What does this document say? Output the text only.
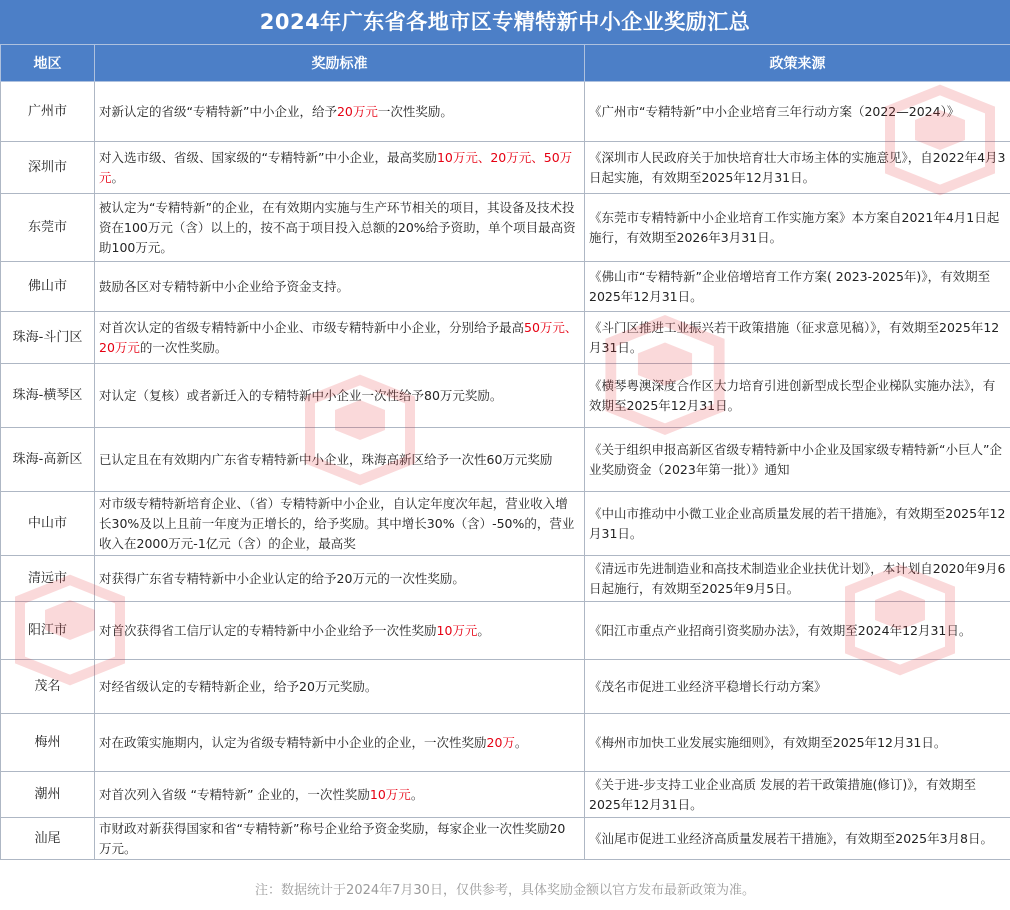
2024年广东省各地市区专精特新中小企业奖励汇总
地区	奖励标准	政策来源
广州市	对新认定的省级“专精特新”中小企业，给予20万元一次性奖励。	《广州市“专精特新”中小企业培育三年行动方案（2022—2024）》
深圳市	对入选市级、省级、国家级的“专精特新”中小企业，最高奖励10万元、20万元、50万元。	《深圳市人民政府关于加快培育壮大市场主体的实施意见》，自2022年4月3日起实施，有效期至2025年12月31日。
东莞市	被认定为“专精特新”的企业，在有效期内实施与生产环节相关的项目，其设备及技术投资在100万元（含）以上的，按不高于项目投入总额的20%给予资助，单个项目最高资助100万元。	《东莞市专精特新中小企业培育工作实施方案》本方案自2021年4月1日起施行，有效期至2026年3月31日。
佛山市	鼓励各区对专精特新中小企业给予资金支持。	《佛山市“专精特新”企业倍增培育工作方案( 2023-2025年)》，有效期至2025年12月31日。
珠海-斗门区	对首次认定的省级专精特新中小企业、市级专精特新中小企业，分别给予最高50万元、20万元的一次性奖励。	《斗门区推进工业振兴若干政策措施（征求意见稿）》，有效期至2025年12月31日。
珠海-横琴区	对认定（复核）或者新迁入的专精特新中小企业一次性给予80万元奖励。	《横琴粤澳深度合作区大力培育引进创新型成长型企业梯队实施办法》，有效期至2025年12月31日。
珠海-高新区	已认定且在有效期内广东省专精特新中小企业，珠海高新区给予一次性60万元奖励	《关于组织申报高新区省级专精特新中小企业及国家级专精特新“小巨人”企业奖励资金（2023年第一批）》通知
中山市	对市级专精特新培育企业、（省）专精特新中小企业，自认定年度次年起，营业收入增长30%及以上且前一年度为正增长的，给予奖励。其中增长30%（含）-50%的，营业收入在2000万元-1亿元（含）的企业，最高奖	《中山市推动中小微工业企业高质量发展的若干措施》，有效期至2025年12月31日。
清远市	对获得广东省专精特新中小企业认定的给予20万元的一次性奖励。	《清远市先进制造业和高技术制造业企业扶优计划》，本计划自2020年9月6日起施行，有效期至2025年9月5日。
阳江市	对首次获得省工信厅认定的专精特新中小企业给予一次性奖励10万元。	《阳江市重点产业招商引资奖励办法》，有效期至2024年12月31日。
茂名	对经省级认定的专精特新企业，给予20万元奖励。	《茂名市促进工业经济平稳增长行动方案》
梅州	对在政策实施期内，认定为省级专精特新中小企业的企业，一次性奖励20万。	《梅州市加快工业发展实施细则》，有效期至2025年12月31日。
潮州	对首次列入省级 “专精特新” 企业的，一次性奖励10万元。	《关于进-步支持工业企业高质 发展的若干政策措施(修订)》，有效期至2025年12月31日。
汕尾	市财政对新获得国家和省“专精特新”称号企业给予资金奖励，每家企业一次性奖励20 万元。	《汕尾市促进工业经济高质量发展若干措施》，有效期至2025年3月8日。
注：数据统计于2024年7月30日，仅供参考，具体奖励金额以官方发布最新政策为准。
